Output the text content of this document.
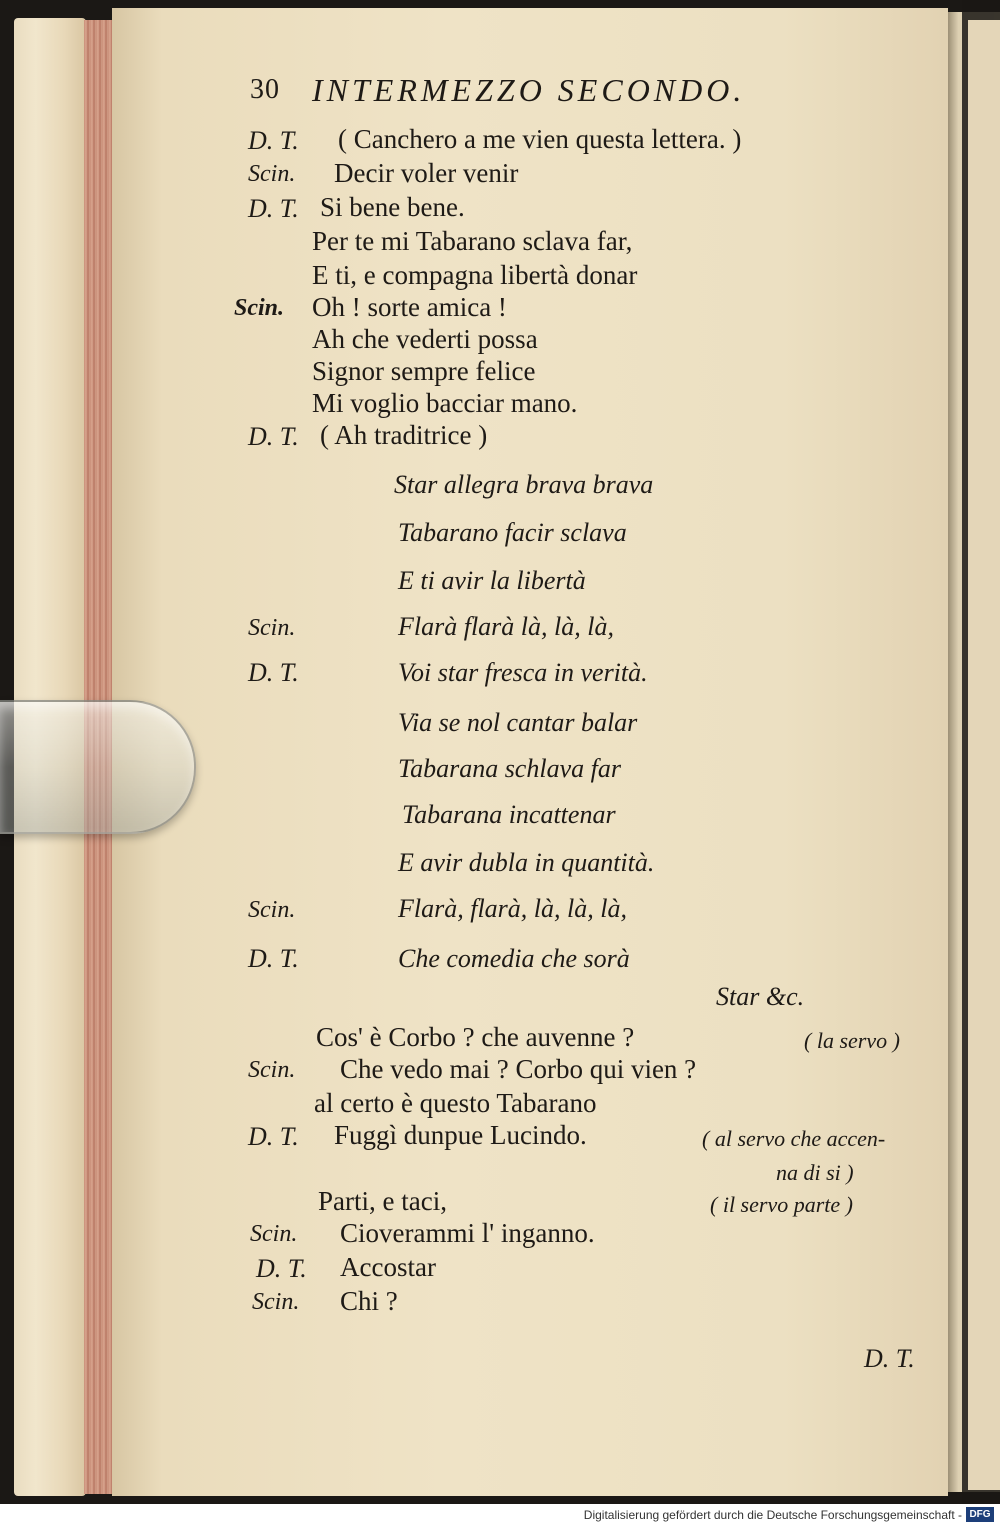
30 INTERMEZZO SECONDO.
D. T. ( Canchero a me vien questa lettera. )
Scin. Decir voler venir
D. T. Si bene bene.
Per te mi Tabarano sclava far,
E ti, e compagna libertà donar
Scin. Oh ! sorte amica !
Ah che vederti possa
Signor sempre felice
Mi voglio bacciar mano.
D. T. ( Ah traditrice )
Star allegra brava brava
Tabarano facir sclava
E ti avir la libertà
Scin.	Flarà flarà là, là, là,
D. T.	Voi star fresca in verità.
Via se nol cantar balar
Tabarana schlava far
Tabarana incattenar
E avir dubla in quantità.
Scin.	Flarà, flarà, là, là, là,
D. T.	Che comedia che sorà
Star &c.
Cos' è Corbo ? che auvenne ?	( la servo )
Scin. Che vedo mai ? Corbo qui vien ?
al certo è questo Tabarano
D. T. Fuggì dunpue Lucindo.	( al servo che accen-
na di si )
Parti, e taci,	( il servo parte )
Scin. Cioverammi l' inganno.
D. T. Accostar
Scin. Chi ?
D. T.
Digitalisierung gefördert durch die Deutsche Forschungsgemeinschaft - DFG
